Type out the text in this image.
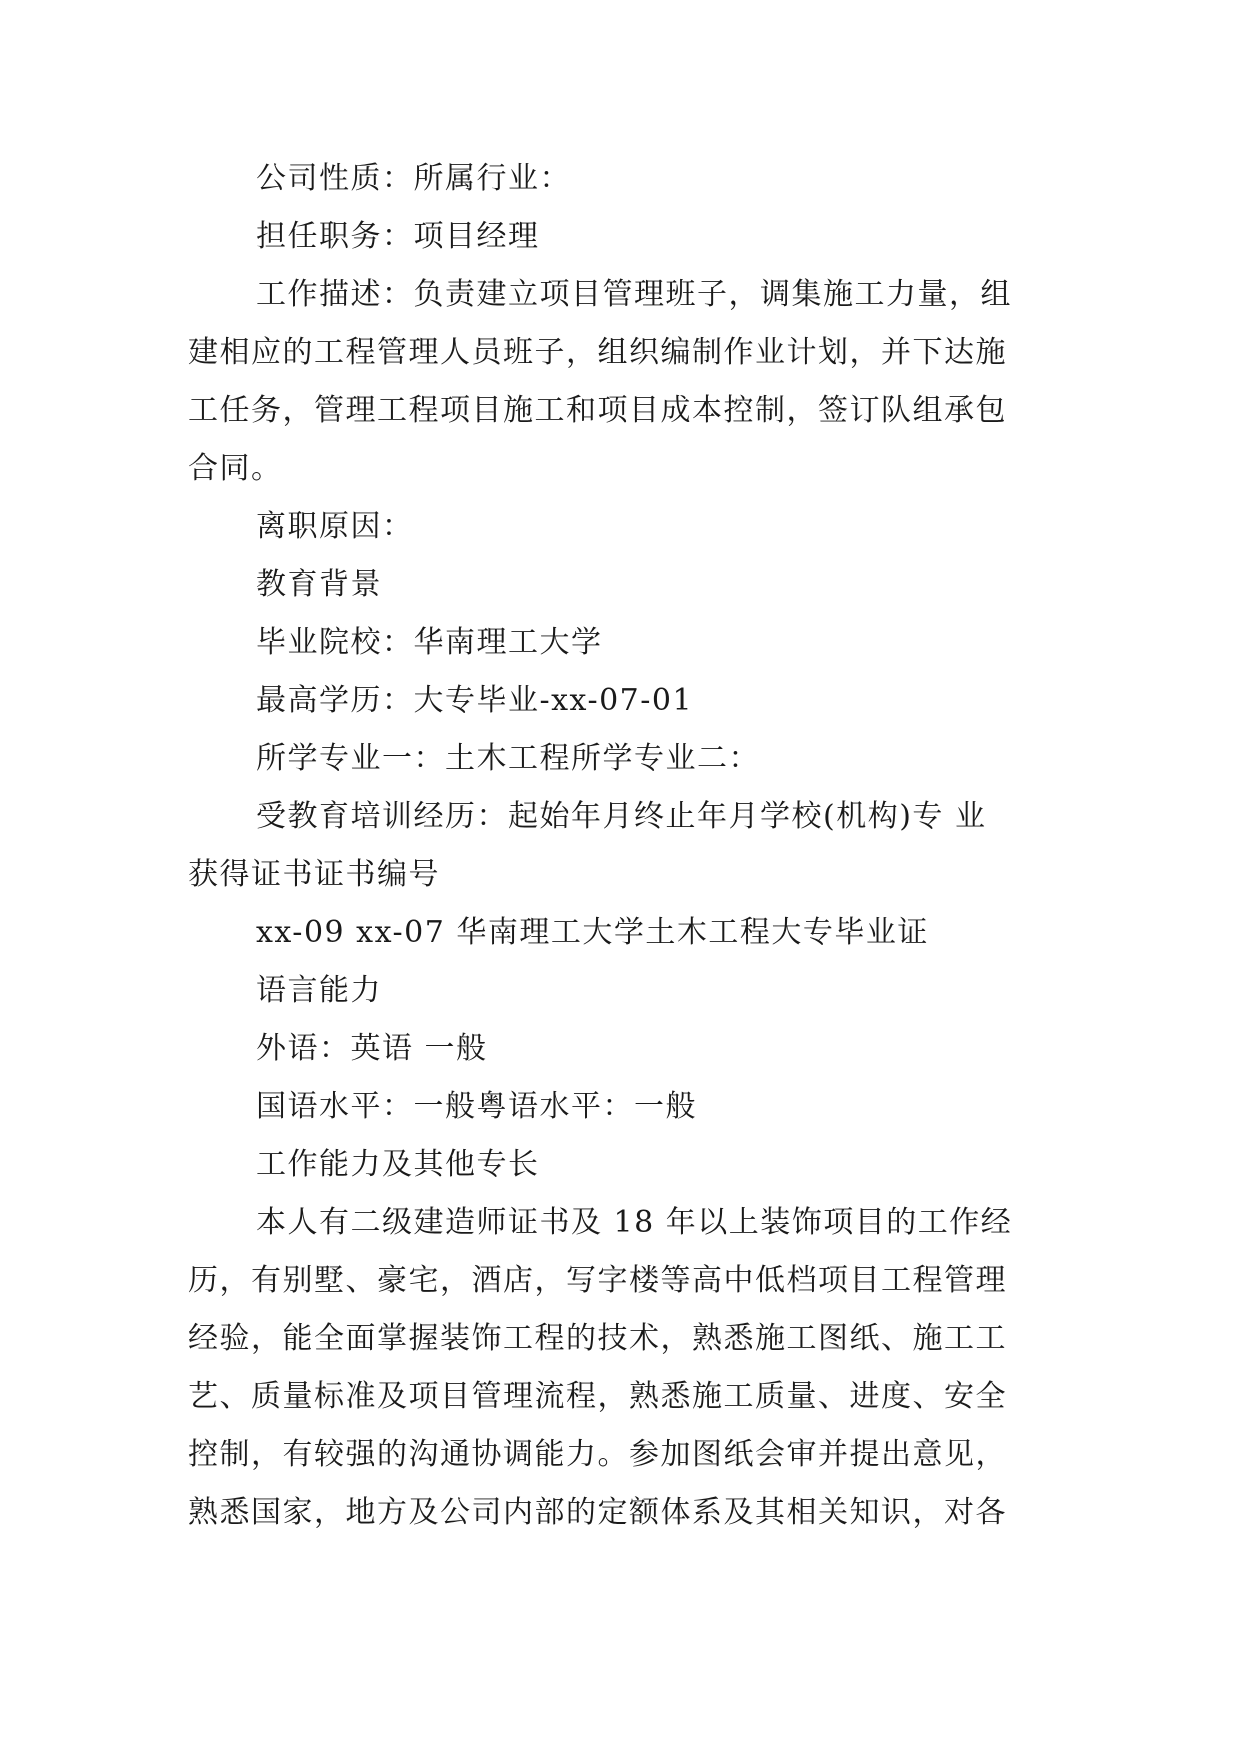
公司性质：所属行业：
担任职务：项目经理
工作描述：负责建立项目管理班子，调集施工力量，组
建相应的工程管理人员班子，组织编制作业计划，并下达施
工任务，管理工程项目施工和项目成本控制，签订队组承包
合同。
离职原因：
教育背景
毕业院校：华南理工大学
最高学历：大专毕业-xx-07-01
所学专业一：土木工程所学专业二：
受教育培训经历：起始年月终止年月学校(机构)专 业
获得证书证书编号
xx-09 xx-07 华南理工大学土木工程大专毕业证
语言能力
外语：英语 一般
国语水平：一般粤语水平：一般
工作能力及其他专长
本人有二级建造师证书及 18 年以上装饰项目的工作经
历，有别墅、豪宅，酒店，写字楼等高中低档项目工程管理
经验，能全面掌握装饰工程的技术，熟悉施工图纸、施工工
艺、质量标准及项目管理流程，熟悉施工质量、进度、安全
控制，有较强的沟通协调能力。参加图纸会审并提出意见，
熟悉国家，地方及公司内部的定额体系及其相关知识，对各
